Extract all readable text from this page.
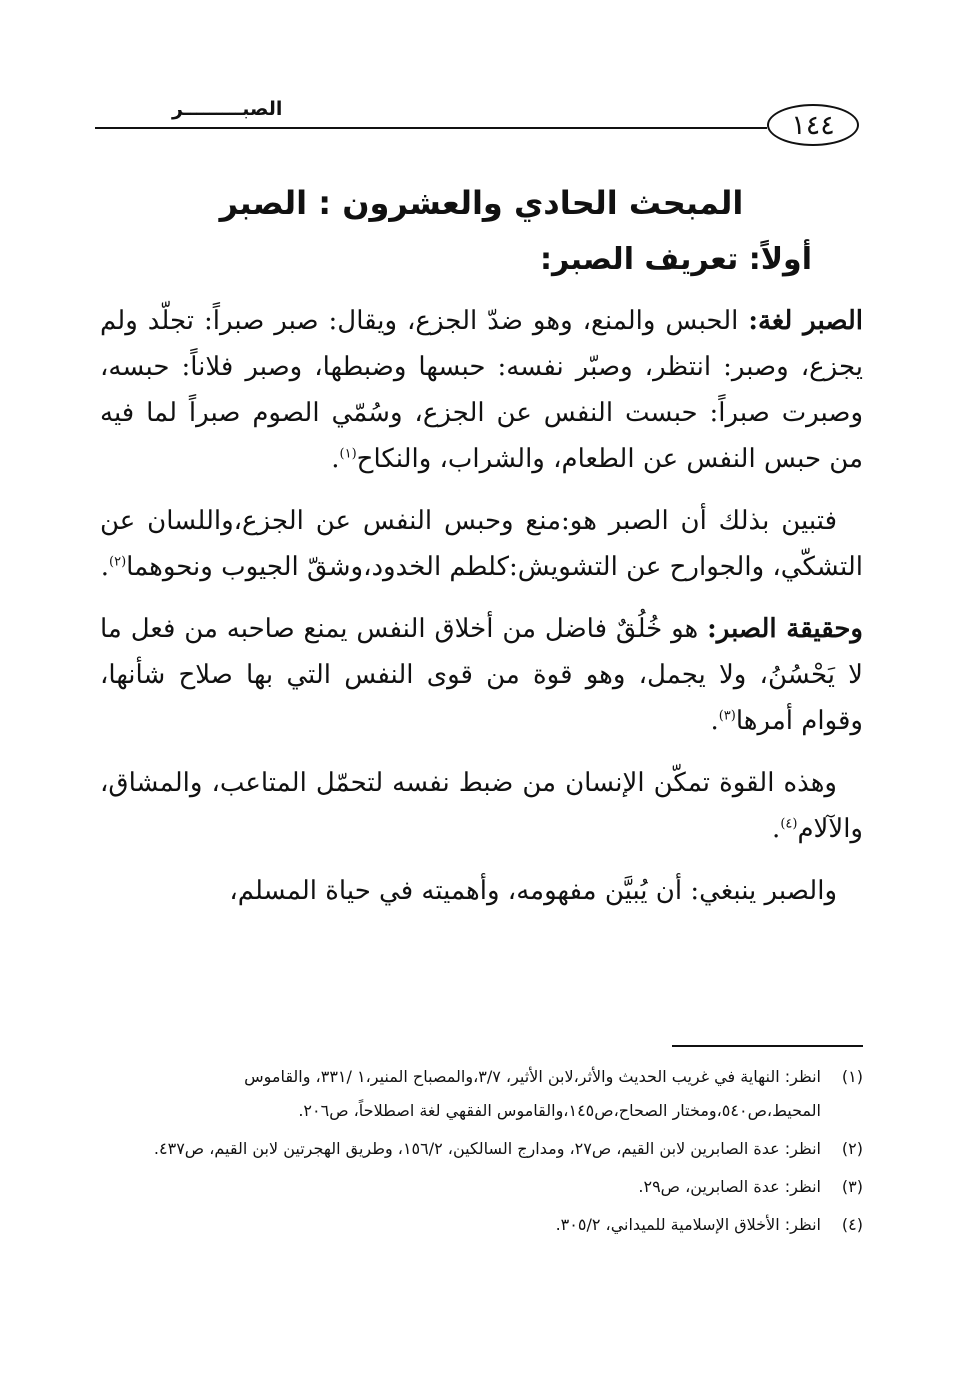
الصبـــــــــر
١٤٤
المبحث الحادي والعشرون : الصبر
أولاً: تعريف الصبر:

الصبر لغة: الحبس والمنع، وهو ضدّ الجزع، ويقال: صبر صبراً: تجلّد ولم يجزع، وصبر: انتظر، وصبّر نفسه: حبسها وضبطها، وصبر فلاناً: حبسه، وصبرت صبراً: حبست النفس عن الجزع، وسُمّي الصوم صبراً لما فيه من حبس النفس عن الطعام، والشراب، والنكاح$^{(١)}$.

فتبين بذلك أن الصبر هو:منع وحبس النفس عن الجزع،واللسان عن التشكّي، والجوارح عن التشويش:كلطم الخدود،وشقّ الجيوب ونحوهما$^{(٢)}$.

وحقيقة الصبر: هو خُلُقٌ فاضل من أخلاق النفس يمنع صاحبه من فعل ما لا يَحْسُنُ، ولا يجمل، وهو قوة من قوى النفس التي بها صلاح شأنها، وقوام أمرها$^{(٣)}$.

وهذه القوة تمكّن الإنسان من ضبط نفسه لتحمّل المتاعب، والمشاق، والآلام$^{(٤)}$.

والصبر ينبغي: أن يُبيَّن مفهومه، وأهميته في حياة المسلم،

(١)انظر: النهاية في غريب الحديث والأثر،لابن الأثير، ٣/٧،والمصباح المنير،١ /٣٣١، والقاموس المحيط،ص٥٤٠،ومختار الصحاح،ص١٤٥،والقاموس الفقهي لغة اصطلاحاً، ص٢٠٦.
(٢)انظر: عدة الصابرين لابن القيم، ص٢٧، ومدارج السالكين، ١٥٦/٢، وطريق الهجرتين لابن القيم، ص٤٣٧.
(٣)انظر: عدة الصابرين، ص٢٩.
(٤)انظر: الأخلاق الإسلامية للميداني، ٣٠٥/٢.
